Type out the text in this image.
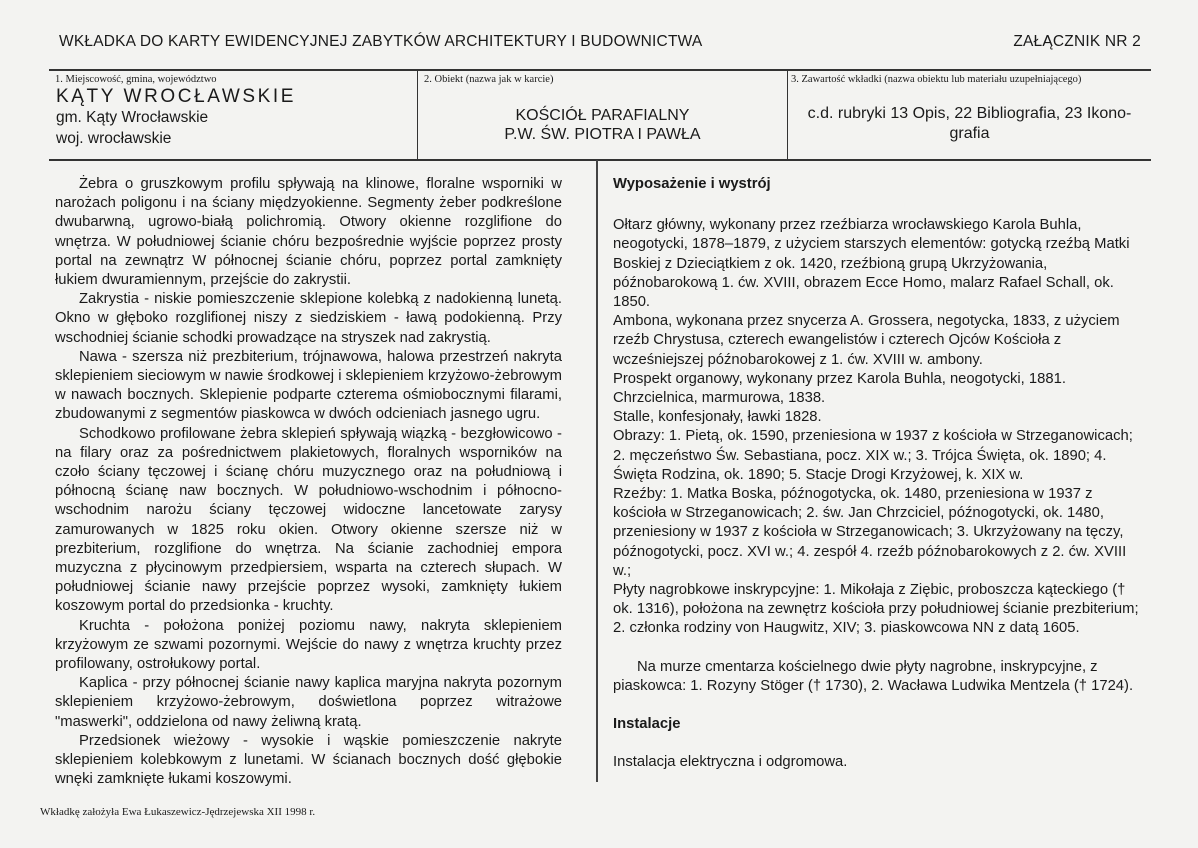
WKŁADKA DO KARTY EWIDENCYJNEJ ZABYTKÓW ARCHITEKTURY I BUDOWNICTWA	ZAŁĄCZNIK NR 2
1. Miejscowość, gmina, województwo
KĄTY WROCŁAWSKIE
gm. Kąty Wrocławskie
woj. wrocławskie
2. Obiekt (nazwa jak w karcie)
KOŚCIÓŁ PARAFIALNY
P.W. ŚW. PIOTRA I PAWŁA
3. Zawartość wkładki (nazwa obiektu lub materiału uzupełniającego)
c.d. rubryki 13 Opis, 22 Bibliografia, 23 Ikono-
grafia

Żebra o gruszkowym profilu spływają na klinowe, floralne wsporniki w narożach poligonu i na ściany międzyokienne. Segmenty żeber podkreślone dwubarwną, ugrowo-białą polichromią. Otwory okienne rozglifione do wnętrza. W południowej ścianie chóru bezpośrednie wyjście poprzez prosty portal na zewnątrz W północnej ścianie chóru, poprzez portal zamknięty łukiem dwuramiennym, przejście do zakrystii.

Zakrystia - niskie pomieszczenie sklepione kolebką z nadokienną lunetą. Okno w głęboko rozglifionej niszy z siedziskiem - ławą podokienną. Przy wschodniej ścianie schodki prowadzące na stryszek nad zakrystią.

Nawa - szersza niż prezbiterium, trójnawowa, halowa przestrzeń nakryta sklepieniem sieciowym w nawie środkowej i sklepieniem krzyżowo-żebrowym w nawach bocznych. Sklepienie podparte czterema ośmiobocznymi filarami, zbudowanymi z segmentów piaskowca w dwóch odcieniach jasnego ugru.

Schodkowo profilowane żebra sklepień spływają wiązką - bezgłowicowo - na filary oraz za pośrednictwem plakietowych, floralnych wsporników na czoło ściany tęczowej i ścianę chóru muzycznego oraz na południową i północną ścianę naw bocznych. W południowo-wschodnim i północno-wschodnim narożu ściany tęczowej widoczne lancetowate zarysy zamurowanych w 1825 roku okien. Otwory okienne szersze niż w prezbiterium, rozglifione do wnętrza. Na ścianie zachodniej empora muzyczna z płycinowym przedpiersiem, wsparta na czterech słupach. W południowej ścianie nawy przejście poprzez wysoki, zamknięty łukiem koszowym portal do przedsionka - kruchty.

Kruchta - położona poniżej poziomu nawy, nakryta sklepieniem krzyżowym ze szwami pozornymi. Wejście do nawy z wnętrza kruchty przez profilowany, ostrołukowy portal.

Kaplica - przy północnej ścianie nawy kaplica maryjna nakryta pozornym sklepieniem krzyżowo-żebrowym, doświetlona poprzez witrażowe "maswerki", oddzielona od nawy żeliwną kratą.

Przedsionek wieżowy - wysokie i wąskie pomieszczenie nakryte sklepieniem kolebkowym z lunetami. W ścianach bocznych dość głębokie wnęki zamknięte łukami koszowymi.

Wyposażenie i wystrój

Ołtarz główny, wykonany przez rzeźbiarza wrocławskiego Karola Buhla, neogotycki, 1878–1879, z użyciem starszych elementów: gotycką rzeźbą Matki Boskiej z Dzieciątkiem z ok. 1420, rzeźbioną grupą Ukrzyżowania, późnobarokową 1. ćw. XVIII, obrazem Ecce Homo, malarz Rafael Schall, ok. 1850.

Ambona, wykonana przez snycerza A. Grossera, negotycka, 1833, z użyciem rzeźb Chrystusa, czterech ewangelistów i czterech Ojców Kościoła z wcześniejszej późnobarokowej z 1. ćw. XVIII w. ambony.

Prospekt organowy, wykonany przez Karola Buhla, neogotycki, 1881.

Chrzcielnica, marmurowa, 1838.

Stalle, konfesjonały, ławki 1828.

Obrazy: 1. Pietą, ok. 1590, przeniesiona w 1937 z kościoła w Strzeganowicach; 2. męczeństwo Św. Sebastiana, pocz. XIX w.; 3. Trójca Święta, ok. 1890; 4. Święta Rodzina, ok. 1890; 5. Stacje Drogi Krzyżowej, k. XIX w.

Rzeźby: 1. Matka Boska, późnogotycka, ok. 1480, przeniesiona w 1937 z kościoła w Strzeganowicach; 2. św. Jan Chrzciciel, późnogotycki, ok. 1480, przeniesiony w 1937 z kościoła w Strzeganowicach; 3. Ukrzyżowany na tęczy, późnogotycki, pocz. XVI w.; 4. zespół 4. rzeźb późnobarokowych z 2. ćw. XVIII w.;

Płyty nagrobkowe inskrypcyjne: 1. Mikołaja z Ziębic, proboszcza kąteckiego († ok. 1316), położona na zewnętrz kościoła przy południowej ścianie prezbiterium; 2. członka rodziny von Haugwitz, XIV; 3. piaskowcowa NN z datą 1605.

Na murze cmentarza kościelnego dwie płyty nagrobne, inskrypcyjne, z piaskowca: 1. Rozyny Stöger († 1730), 2. Wacława Ludwika Mentzela († 1724).

Instalacje

Instalacja elektryczna i odgromowa.

Wkładkę założyła Ewa Łukaszewicz-Jędrzejewska XII 1998 r.
